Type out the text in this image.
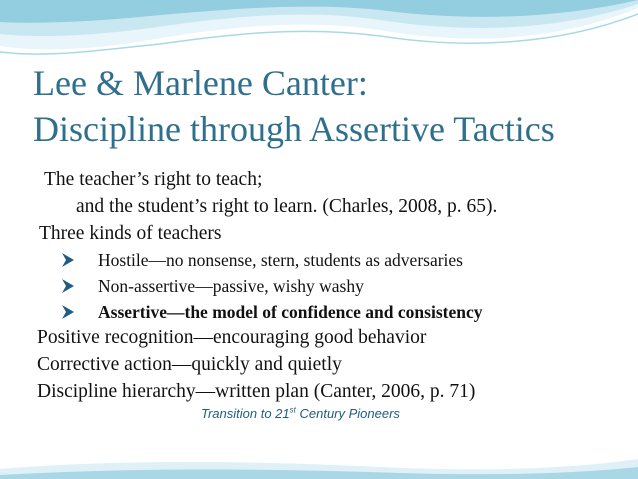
Lee & Marlene Canter:
Discipline through Assertive Tactics
The teacher’s right to teach;
and the student’s right to learn. (Charles, 2008, p. 65).
Three kinds of teachers
Hostile—no nonsense, stern, students as adversaries
Non-assertive—passive, wishy washy
Assertive—the model of confidence and consistency
Positive recognition—encouraging good behavior
Corrective action—quickly and quietly
Discipline hierarchy—written plan (Canter, 2006, p. 71)
Transition to 21st Century Pioneers
